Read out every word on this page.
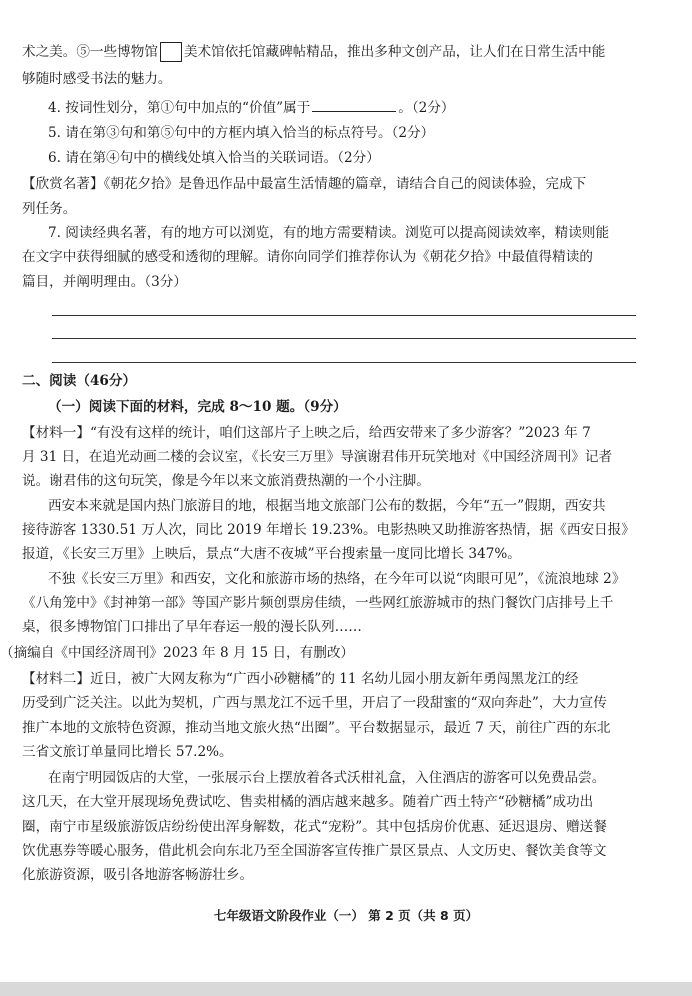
术之美。⑤一些博物馆 美术馆依托馆藏碑帖精品，推出多种文创产品，让人们在日常生活中能
够随时感受书法的魅力。
4. 按词性划分，第①句中加点的“价值”属于	。（2分）
5. 请在第③句和第⑤句中的方框内填入恰当的标点符号。（2分）
6. 请在第④句中的横线处填入恰当的关联词语。（2分）
【欣赏名著】《朝花夕拾》是鲁迅作品中最富生活情趣的篇章，请结合自己的阅读体验，完成下
列任务。
7. 阅读经典名著，有的地方可以浏览，有的地方需要精读。浏览可以提高阅读效率，精读则能
在文字中获得细腻的感受和透彻的理解。请你向同学们推荐你认为《朝花夕拾》中最值得精读的
篇目，并阐明理由。（3分）
二、阅读（46分）
（一）阅读下面的材料，完成 8～10 题。（9分）
【材料一】“有没有这样的统计，咱们这部片子上映之后，给西安带来了多少游客？”2023 年 7
月 31 日，在追光动画二楼的会议室，《长安三万里》导演谢君伟开玩笑地对《中国经济周刊》记者
说。谢君伟的这句玩笑，像是今年以来文旅消费热潮的一个小注脚。
西安本来就是国内热门旅游目的地，根据当地文旅部门公布的数据，今年“五一”假期，西安共
接待游客 1330.51 万人次，同比 2019 年增长 19.23%。电影热映又助推游客热情，据《西安日报》
报道，《长安三万里》上映后，景点“大唐不夜城”平台搜索量一度同比增长 347%。
不独《长安三万里》和西安，文化和旅游市场的热络，在今年可以说“肉眼可见”，《流浪地球 2》
《八角笼中》《封神第一部》等国产影片频创票房佳绩，一些网红旅游城市的热门餐饮门店排号上千
桌，很多博物馆门口排出了早年春运一般的漫长队列……
（摘编自《中国经济周刊》2023 年 8 月 15 日，有删改）
【材料二】近日，被广大网友称为“广西小砂糖橘”的 11 名幼儿园小朋友新年勇闯黑龙江的经
历受到广泛关注。以此为契机，广西与黑龙江不远千里，开启了一段甜蜜的“双向奔赴”，大力宣传
推广本地的文旅特色资源，推动当地文旅火热“出圈”。平台数据显示，最近 7 天，前往广西的东北
三省文旅订单量同比增长 57.2%。
在南宁明园饭店的大堂，一张展示台上摆放着各式沃柑礼盒，入住酒店的游客可以免费品尝。
这几天，在大堂开展现场免费试吃、售卖柑橘的酒店越来越多。随着广西土特产“砂糖橘”成功出
圈，南宁市星级旅游饭店纷纷使出浑身解数，花式“宠粉”。其中包括房价优惠、延迟退房、赠送餐
饮优惠券等暖心服务，借此机会向东北乃至全国游客宣传推广景区景点、人文历史、餐饮美食等文
化旅游资源，吸引各地游客畅游壮乡。
七年级语文阶段作业（一） 第 2 页（共 8 页）
